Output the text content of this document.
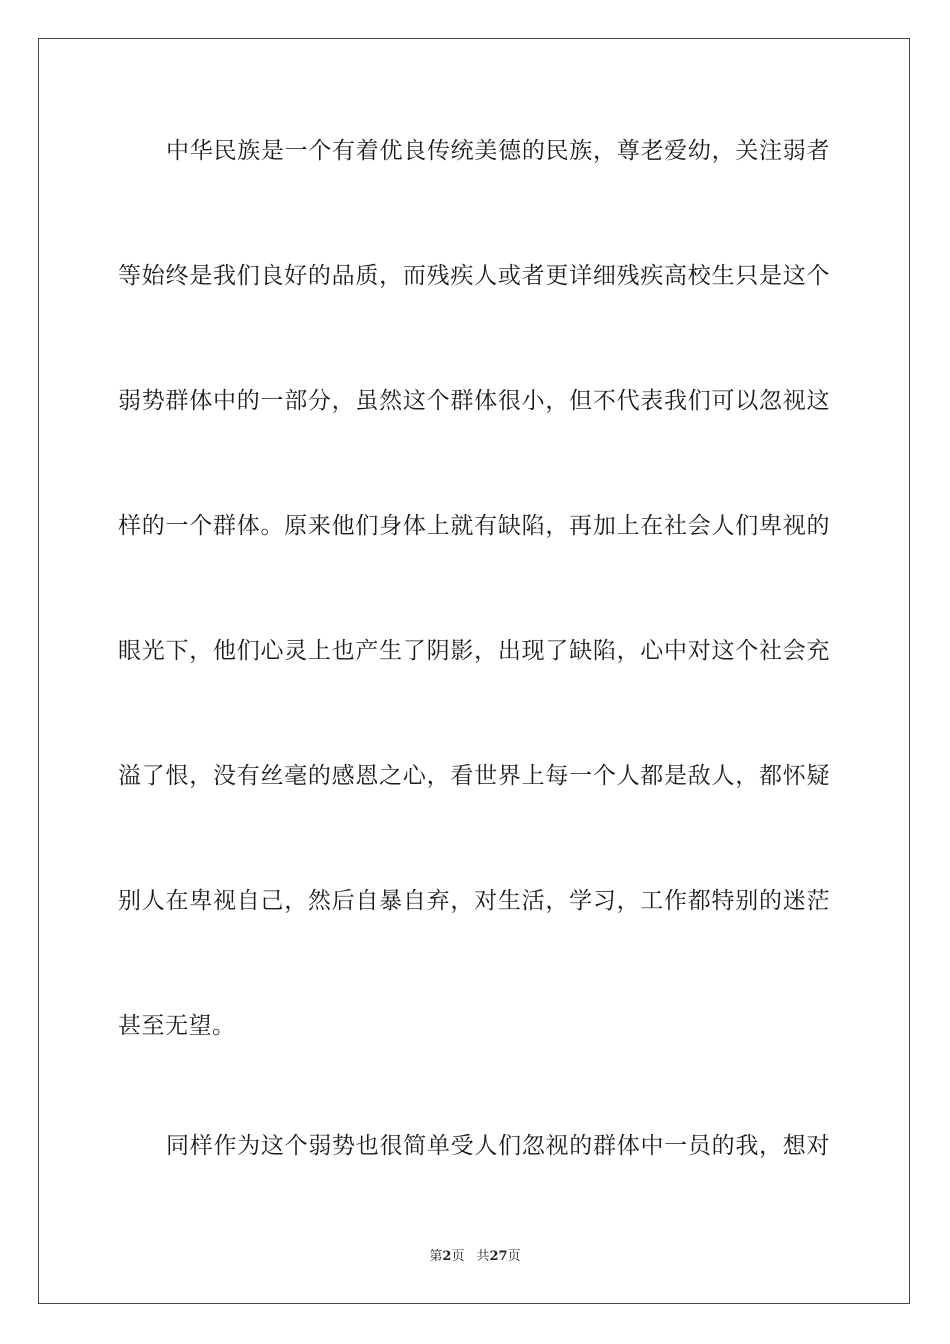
中华民族是一个有着优良传统美德的民族，尊老爱幼，关注弱者
等始终是我们良好的品质，而残疾人或者更详细残疾高校生只是这个
弱势群体中的一部分，虽然这个群体很小，但不代表我们可以忽视这
样的一个群体。原来他们身体上就有缺陷，再加上在社会人们卑视的
眼光下，他们心灵上也产生了阴影，出现了缺陷，心中对这个社会充
溢了恨，没有丝毫的感恩之心，看世界上每一个人都是敌人，都怀疑
别人在卑视自己，然后自暴自弃，对生活，学习，工作都特别的迷茫
甚至无望。
同样作为这个弱势也很简单受人们忽视的群体中一员的我，想对
第2页 共27页
